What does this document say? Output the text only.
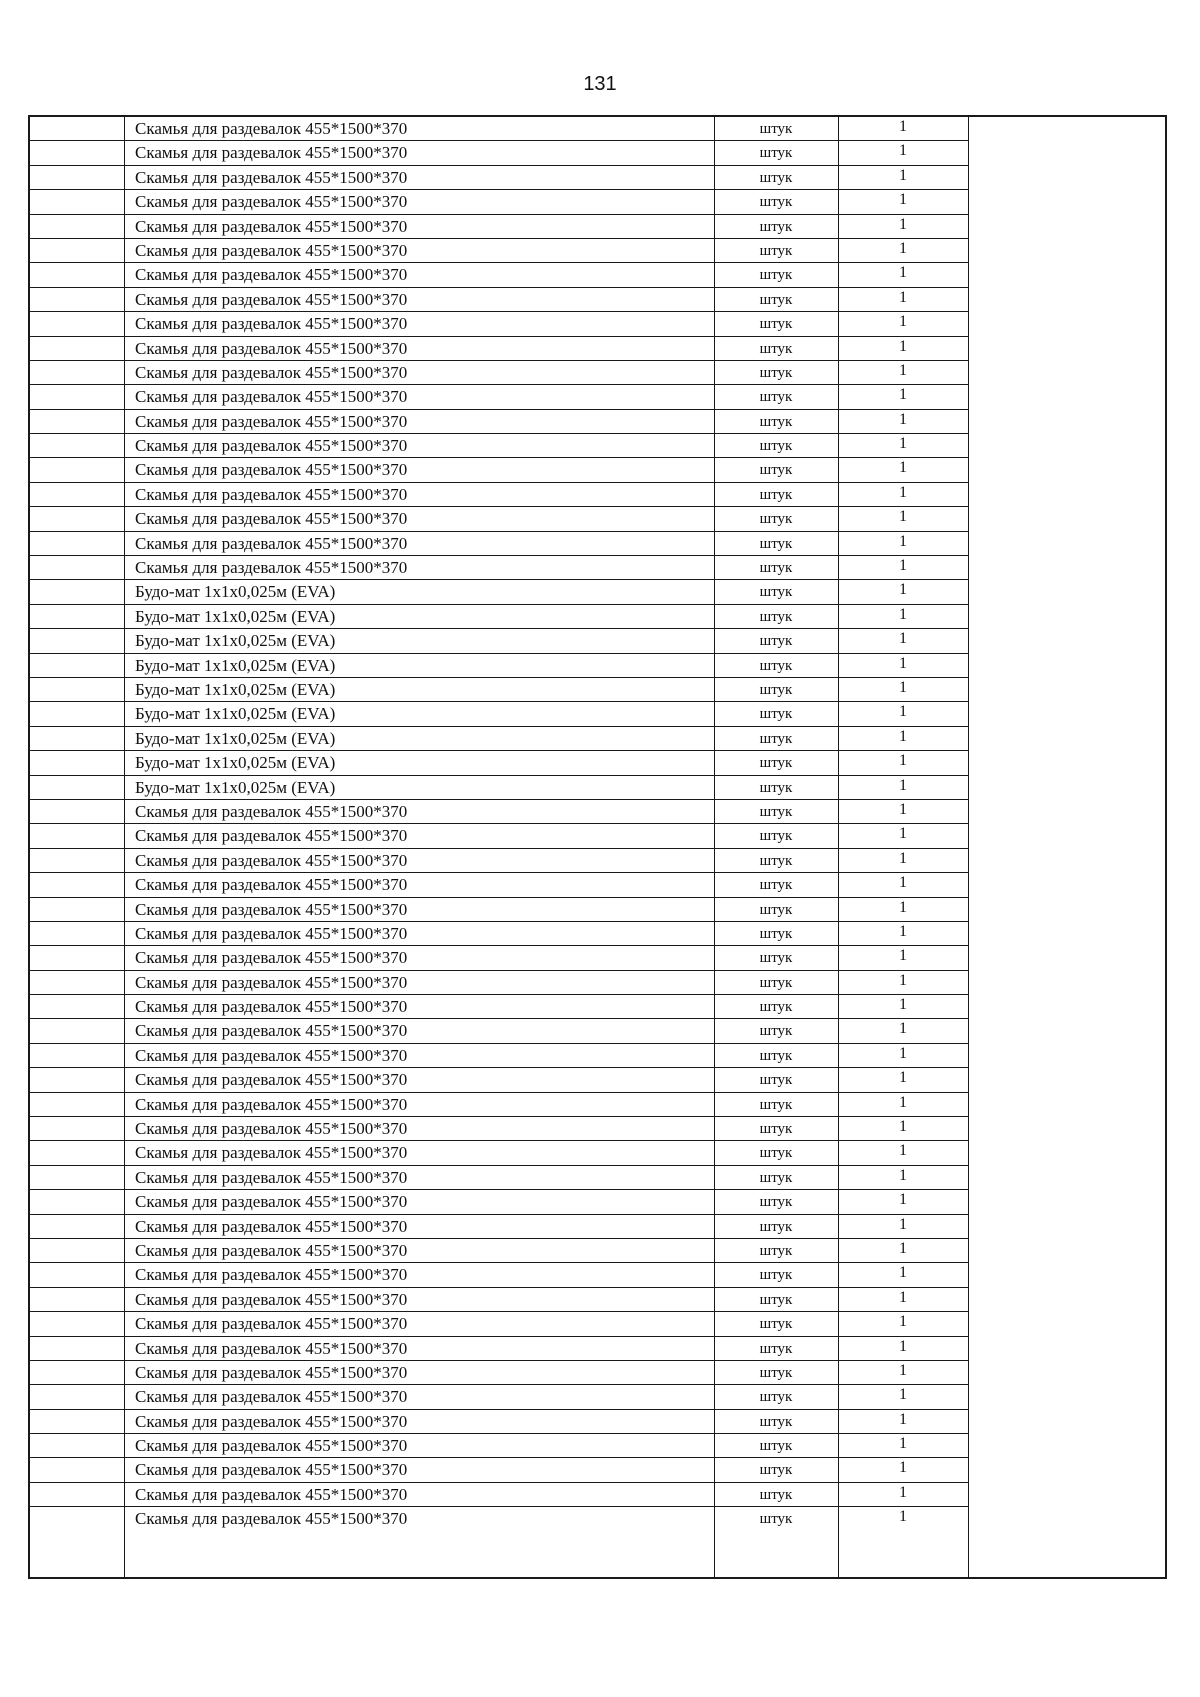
131
Скамья для раздевалок 455*1500*370	штук	1
Скамья для раздевалок 455*1500*370	штук	1
Скамья для раздевалок 455*1500*370	штук	1
Скамья для раздевалок 455*1500*370	штук	1
Скамья для раздевалок 455*1500*370	штук	1
Скамья для раздевалок 455*1500*370	штук	1
Скамья для раздевалок 455*1500*370	штук	1
Скамья для раздевалок 455*1500*370	штук	1
Скамья для раздевалок 455*1500*370	штук	1
Скамья для раздевалок 455*1500*370	штук	1
Скамья для раздевалок 455*1500*370	штук	1
Скамья для раздевалок 455*1500*370	штук	1
Скамья для раздевалок 455*1500*370	штук	1
Скамья для раздевалок 455*1500*370	штук	1
Скамья для раздевалок 455*1500*370	штук	1
Скамья для раздевалок 455*1500*370	штук	1
Скамья для раздевалок 455*1500*370	штук	1
Скамья для раздевалок 455*1500*370	штук	1
Скамья для раздевалок 455*1500*370	штук	1
Будо-мат 1х1х0,025м (EVA)	штук	1
Будо-мат 1х1х0,025м (EVA)	штук	1
Будо-мат 1х1х0,025м (EVA)	штук	1
Будо-мат 1х1х0,025м (EVA)	штук	1
Будо-мат 1х1х0,025м (EVA)	штук	1
Будо-мат 1х1х0,025м (EVA)	штук	1
Будо-мат 1х1х0,025м (EVA)	штук	1
Будо-мат 1х1х0,025м (EVA)	штук	1
Будо-мат 1х1х0,025м (EVA)	штук	1
Скамья для раздевалок 455*1500*370	штук	1
Скамья для раздевалок 455*1500*370	штук	1
Скамья для раздевалок 455*1500*370	штук	1
Скамья для раздевалок 455*1500*370	штук	1
Скамья для раздевалок 455*1500*370	штук	1
Скамья для раздевалок 455*1500*370	штук	1
Скамья для раздевалок 455*1500*370	штук	1
Скамья для раздевалок 455*1500*370	штук	1
Скамья для раздевалок 455*1500*370	штук	1
Скамья для раздевалок 455*1500*370	штук	1
Скамья для раздевалок 455*1500*370	штук	1
Скамья для раздевалок 455*1500*370	штук	1
Скамья для раздевалок 455*1500*370	штук	1
Скамья для раздевалок 455*1500*370	штук	1
Скамья для раздевалок 455*1500*370	штук	1
Скамья для раздевалок 455*1500*370	штук	1
Скамья для раздевалок 455*1500*370	штук	1
Скамья для раздевалок 455*1500*370	штук	1
Скамья для раздевалок 455*1500*370	штук	1
Скамья для раздевалок 455*1500*370	штук	1
Скамья для раздевалок 455*1500*370	штук	1
Скамья для раздевалок 455*1500*370	штук	1
Скамья для раздевалок 455*1500*370	штук	1
Скамья для раздевалок 455*1500*370	штук	1
Скамья для раздевалок 455*1500*370	штук	1
Скамья для раздевалок 455*1500*370	штук	1
Скамья для раздевалок 455*1500*370	штук	1
Скамья для раздевалок 455*1500*370	штук	1
Скамья для раздевалок 455*1500*370	штук	1
Скамья для раздевалок 455*1500*370	штук	1
